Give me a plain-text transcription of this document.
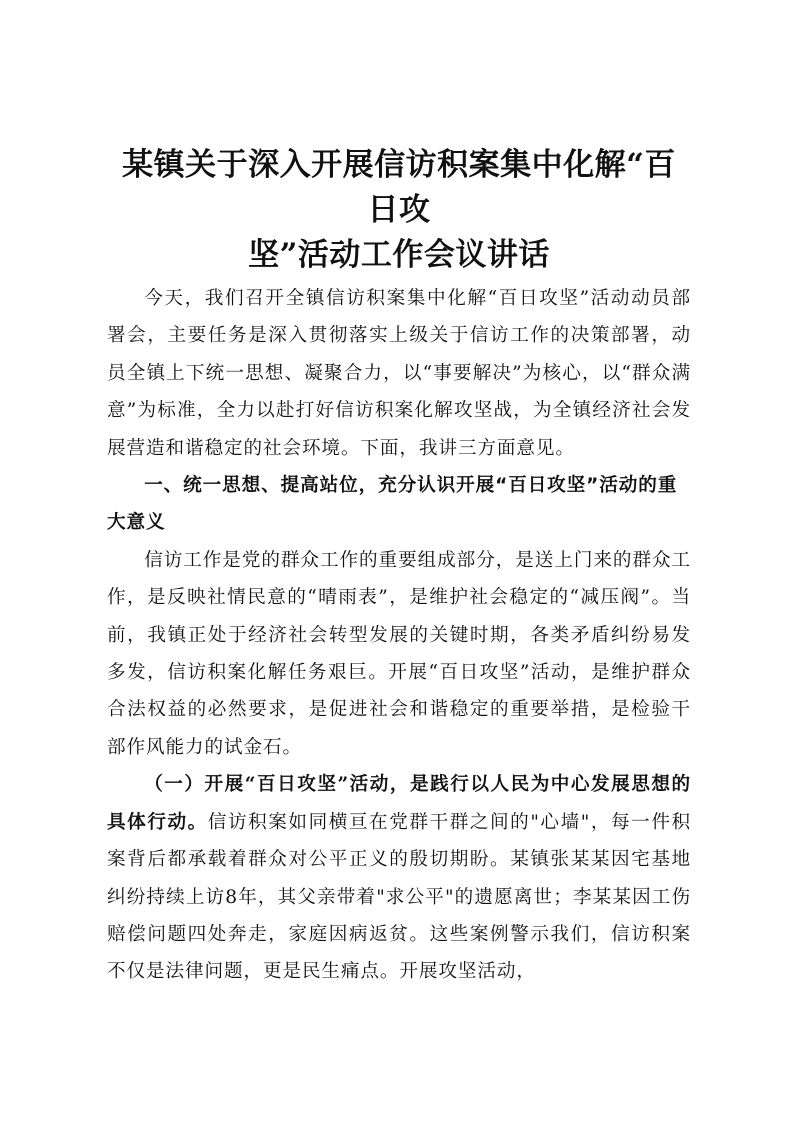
某镇关于深入开展信访积案集中化解“百日攻
坚”活动工作会议讲话

今天，我们召开全镇信访积案集中化解“百日攻坚”活动动员部署会，主要任务是深入贯彻落实上级关于信访工作的决策部署，动员全镇上下统一思想、凝聚合力，以“事要解决”为核心，以“群众满意”为标准，全力以赴打好信访积案化解攻坚战，为全镇经济社会发展营造和谐稳定的社会环境。下面，我讲三方面意见。

一、统一思想、提高站位，充分认识开展“百日攻坚”活动的重大意义

信访工作是党的群众工作的重要组成部分，是送上门来的群众工作，是反映社情民意的“晴雨表”，是维护社会稳定的“减压阀”。当前，我镇正处于经济社会转型发展的关键时期，各类矛盾纠纷易发多发，信访积案化解任务艰巨。开展“百日攻坚”活动，是维护群众合法权益的必然要求，是促进社会和谐稳定的重要举措，是检验干部作风能力的试金石。

（一）开展“百日攻坚”活动，是践行以人民为中心发展思想的具体行动。信访积案如同横亘在党群干群之间的"心墙"，每一件积案背后都承载着群众对公平正义的殷切期盼。某镇张某某因宅基地纠纷持续上访8年，其父亲带着"求公平"的遗愿离世；李某某因工伤赔偿问题四处奔走，家庭因病返贫。这些案例警示我们，信访积案不仅是法律问题，更是民生痛点。开展攻坚活动，
